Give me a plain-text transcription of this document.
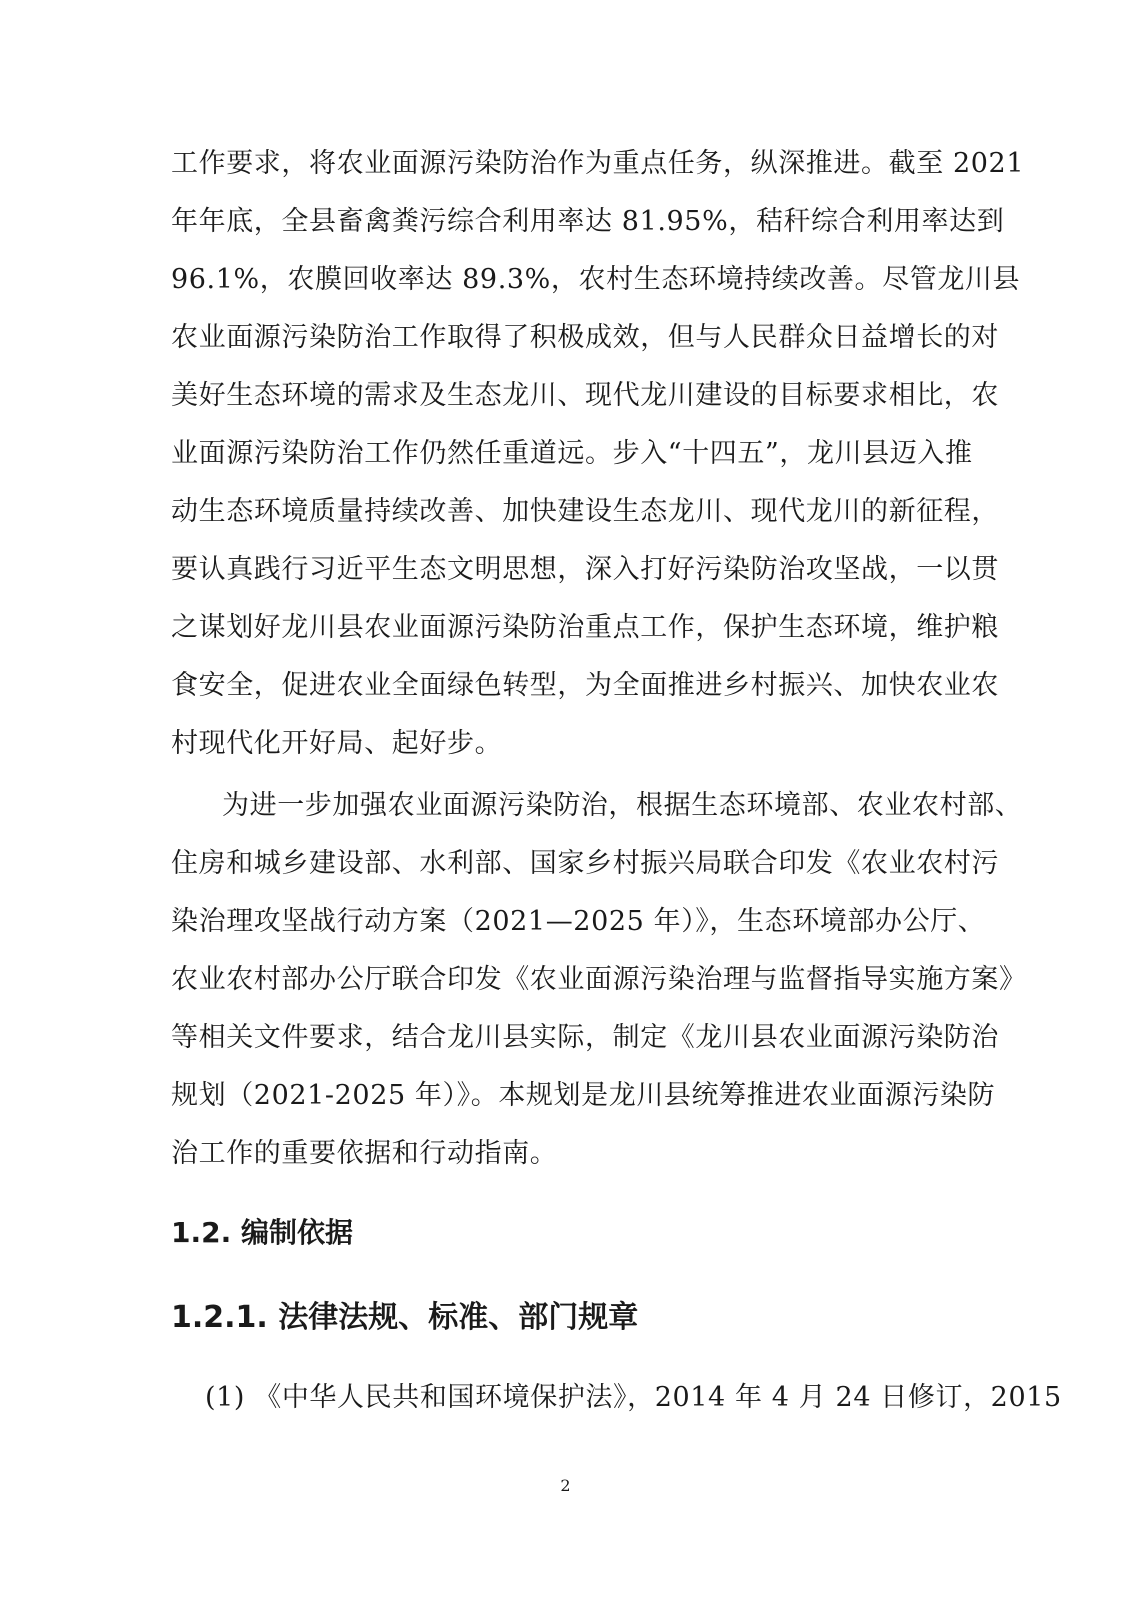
工作要求，将农业面源污染防治作为重点任务，纵深推进。截至 2021
年年底，全县畜禽粪污综合利用率达 81.95%，秸秆综合利用率达到
96.1%，农膜回收率达 89.3%，农村生态环境持续改善。尽管龙川县
农业面源污染防治工作取得了积极成效，但与人民群众日益增长的对
美好生态环境的需求及生态龙川、现代龙川建设的目标要求相比，农
业面源污染防治工作仍然任重道远。步入“十四五”，龙川县迈入推
动生态环境质量持续改善、加快建设生态龙川、现代龙川的新征程，
要认真践行习近平生态文明思想，深入打好污染防治攻坚战，一以贯
之谋划好龙川县农业面源污染防治重点工作，保护生态环境，维护粮
食安全，促进农业全面绿色转型，为全面推进乡村振兴、加快农业农
村现代化开好局、起好步。
为进一步加强农业面源污染防治，根据生态环境部、农业农村部、
住房和城乡建设部、水利部、国家乡村振兴局联合印发《农业农村污
染治理攻坚战行动方案（2021—2025 年）》，生态环境部办公厅、
农业农村部办公厅联合印发《农业面源污染治理与监督指导实施方案》
等相关文件要求，结合龙川县实际，制定《龙川县农业面源污染防治
规划（2021-2025 年）》。本规划是龙川县统筹推进农业面源污染防
治工作的重要依据和行动指南。
1.2. 编制依据
1.2.1. 法律法规、标准、部门规章
(1) 《中华人民共和国环境保护法》，2014 年 4 月 24 日修订，2015
2
